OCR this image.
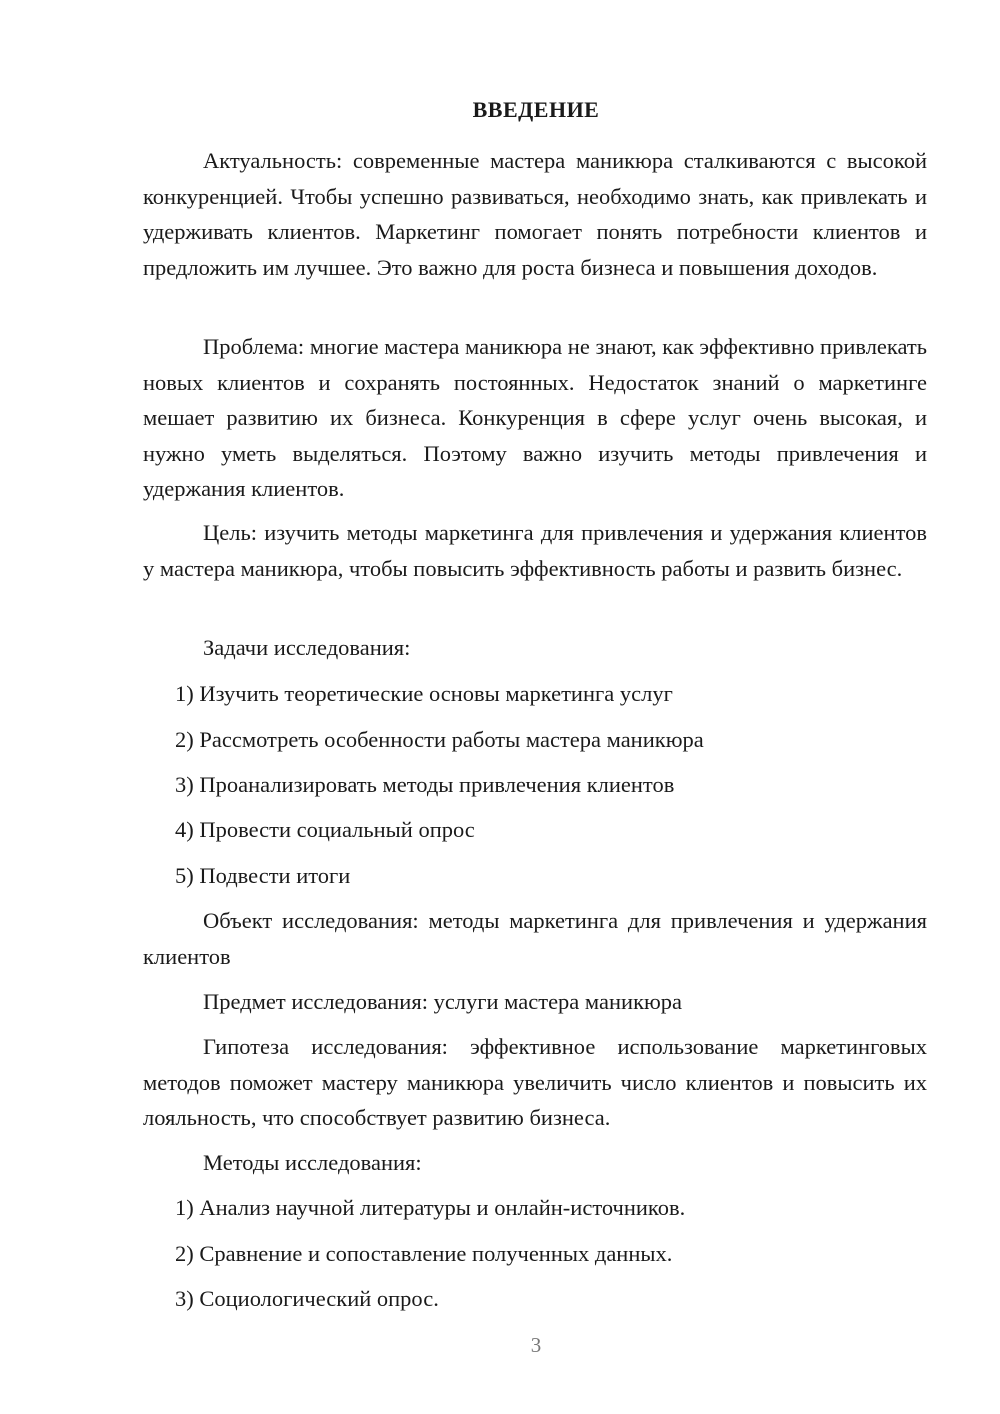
ВВЕДЕНИЕ

Актуальность: современные мастера маникюра сталкиваются с высокой конкуренцией. Чтобы успешно развиваться, необходимо знать, как привлекать и удерживать клиентов. Маркетинг помогает понять потребности клиентов и предложить им лучшее. Это важно для роста бизнеса и повышения доходов.

Проблема: многие мастера маникюра не знают, как эффективно привлекать новых клиентов и сохранять постоянных. Недостаток знаний о маркетинге мешает развитию их бизнеса. Конкуренция в сфере услуг очень высокая, и нужно уметь выделяться. Поэтому важно изучить методы привлечения и удержания клиентов.

Цель: изучить методы маркетинга для привлечения и удержания клиентов у мастера маникюра, чтобы повысить эффективность работы и развить бизнес.

Задачи исследования:
1) Изучить теоретические основы маркетинга услуг
2) Рассмотреть особенности работы мастера маникюра
3) Проанализировать методы привлечения клиентов
4) Провести социальный опрос
5) Подвести итоги

Объект исследования: методы маркетинга для привлечения и удержания клиентов

Предмет исследования: услуги мастера маникюра

Гипотеза исследования: эффективное использование маркетинговых методов поможет мастеру маникюра увеличить число клиентов и повысить их лояльность, что способствует развитию бизнеса.

Методы исследования:
1) Анализ научной литературы и онлайн-источников.
2) Сравнение и сопоставление полученных данных.
3) Социологический опрос.
3
